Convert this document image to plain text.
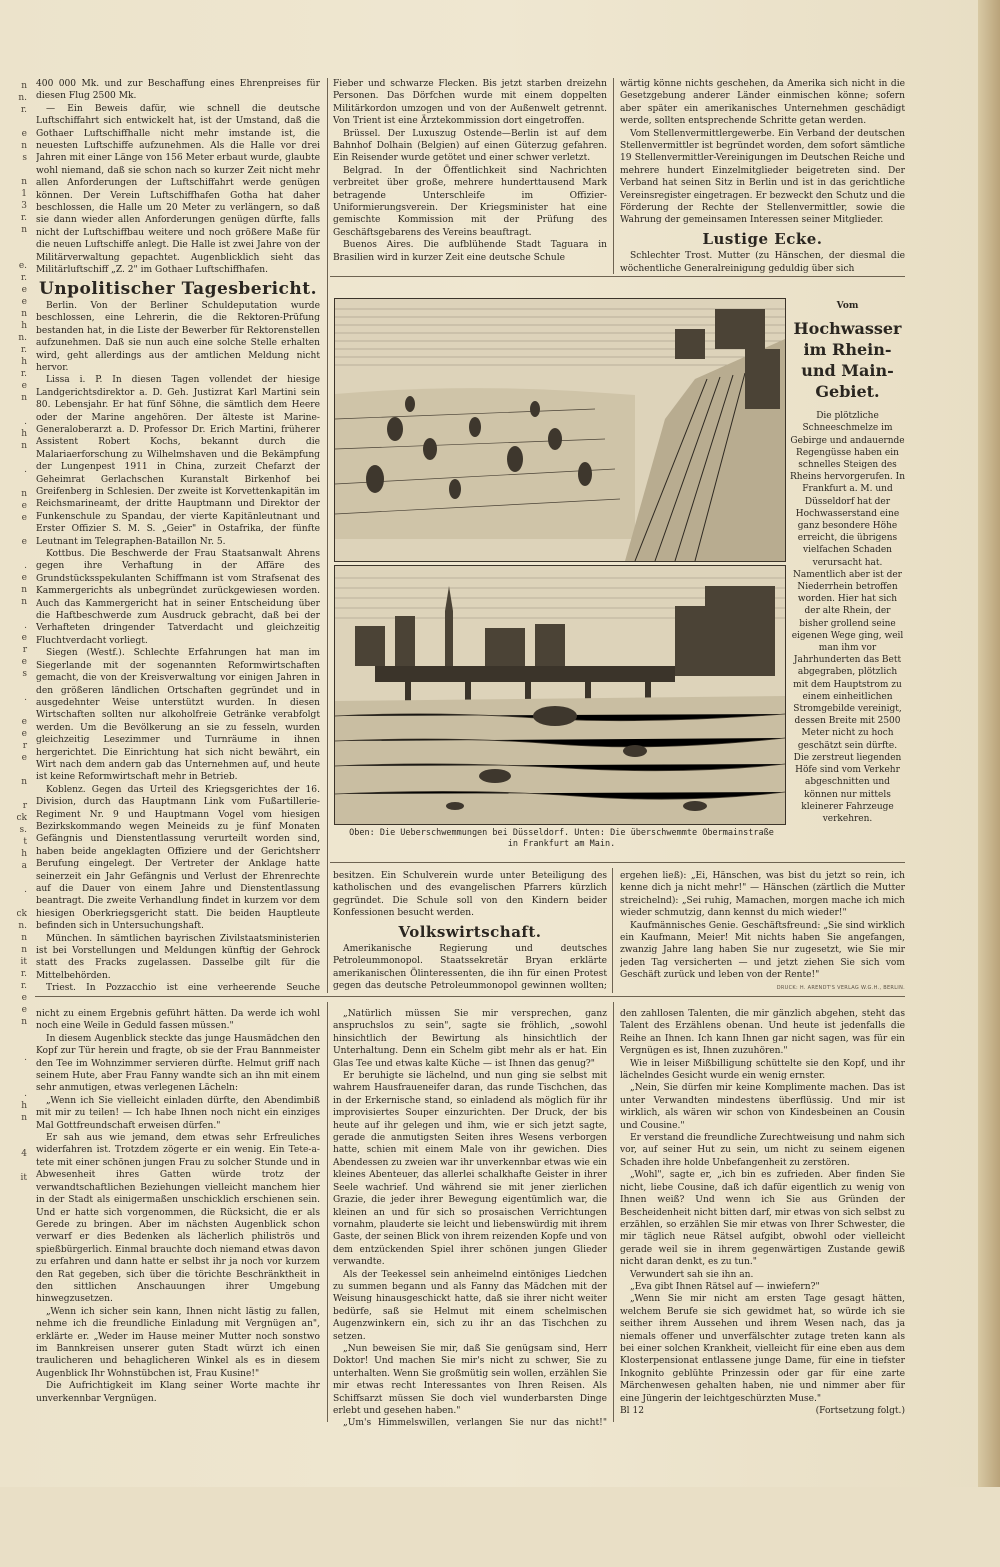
n
n.
r.

e
n
s

n
1
3
r.
n

e.
r.
e
e
n
h
n.
r.
h
r.
e
n

.
h
n

.

n
e
e

e

.
e
n
n

.
e
r
e
s

.

e
e
r
e

n

r
ck
s.
t
h
a

.

ck
n.
n
n
it
r.
r.
e
e
n

.

.
h
n

4

it

400 000 Mk. und zur Beschaffung eines Ehrenpreises für diesen Flug 2500 Mk.

— Ein Beweis dafür, wie schnell die deutsche Luftschiffahrt sich entwickelt hat, ist der Umstand, daß die Gothaer Luftschiffhalle nicht mehr imstande ist, die neuesten Luftschiffe aufzunehmen. Als die Halle vor drei Jahren mit einer Länge von 156 Meter erbaut wurde, glaubte wohl niemand, daß sie schon nach so kurzer Zeit nicht mehr allen Anforderungen der Luftschiffahrt werde genügen können. Der Verein Luftschiffhafen Gotha hat daher beschlossen, die Halle um 20 Meter zu verlängern, so daß sie dann wieder allen Anforderungen genügen dürfte, falls nicht der Luftschiffbau weitere und noch größere Maße für die neuen Luftschiffe anlegt. Die Halle ist zwei Jahre von der Militärverwaltung gepachtet. Augenblicklich sieht das Militärluftschiff „Z. 2" im Gothaer Luftschiffhafen.

Unpolitischer Tagesbericht.

Berlin. Von der Berliner Schuldeputation wurde beschlossen, eine Lehrerin, die die Rektoren-Prüfung bestanden hat, in die Liste der Bewerber für Rektorenstellen aufzunehmen. Daß sie nun auch eine solche Stelle erhalten wird, geht allerdings aus der amtlichen Meldung nicht hervor.

Lissa i. P. In diesen Tagen vollendet der hiesige Landgerichtsdirektor a. D. Geh. Justizrat Karl Martini sein 80. Lebensjahr. Er hat fünf Söhne, die sämtlich dem Heere oder der Marine angehören. Der älteste ist Marine-Generaloberarzt a. D. Professor Dr. Erich Martini, früherer Assistent Robert Kochs, bekannt durch die Malariaerforschung zu Wilhelmshaven und die Bekämpfung der Lungenpest 1911 in China, zurzeit Chefarzt der Geheimrat Gerlachschen Kuranstalt Birkenhof bei Greifenberg in Schlesien. Der zweite ist Korvettenkapitän im Reichsmarineamt, der dritte Hauptmann und Direktor der Funkenschule zu Spandau, der vierte Kapitänleutnant und Erster Offizier S. M. S. „Geier" in Ostafrika, der fünfte Leutnant im Telegraphen-Bataillon Nr. 5.

Kottbus. Die Beschwerde der Frau Staatsanwalt Ahrens gegen ihre Verhaftung in der Affäre des Grundstücksspekulanten Schiffmann ist vom Strafsenat des Kammergerichts als unbegründet zurückgewiesen worden. Auch das Kammergericht hat in seiner Entscheidung über die Haftbeschwerde zum Ausdruck gebracht, daß bei der Verhafteten dringender Tatverdacht und gleichzeitig Fluchtverdacht vorliegt.

Siegen (Westf.). Schlechte Erfahrungen hat man im Siegerlande mit der sogenannten Reformwirtschaften gemacht, die von der Kreisverwaltung vor einigen Jahren in den größeren ländlichen Ortschaften gegründet und in ausgedehnter Weise unterstützt wurden. In diesen Wirtschaften sollten nur alkoholfreie Getränke verabfolgt werden. Um die Bevölkerung an sie zu fesseln, wurden gleichzeitig Lesezimmer und Turnräume in ihnen hergerichtet. Die Einrichtung hat sich nicht bewährt, ein Wirt nach dem andern gab das Unternehmen auf, und heute ist keine Reformwirtschaft mehr in Betrieb.

Koblenz. Gegen das Urteil des Kriegsgerichtes der 16. Division, durch das Hauptmann Link vom Fußartillerie-Regiment Nr. 9 und Hauptmann Vogel vom hiesigen Bezirkskommando wegen Meineids zu je fünf Monaten Gefängnis und Dienstentlassung verurteilt worden sind, haben beide angeklagten Offiziere und der Gerichtsherr Berufung eingelegt. Der Vertreter der Anklage hatte seinerzeit ein Jahr Gefängnis und Verlust der Ehrenrechte auf die Dauer von einem Jahre und Dienstentlassung beantragt. Die zweite Verhandlung findet in kurzem vor dem hiesigen Oberkriegsgericht statt. Die beiden Hauptleute befinden sich in Untersuchungshaft.

München. In sämtlichen bayrischen Zivilstaatsministerien ist bei Vorstellungen und Meldungen künftig der Gehrock statt des Fracks zugelassen. Dasselbe gilt für die Mittelbehörden.

Triest. In Pozzacchio ist eine verheerende Seuche

Fieber und schwarze Flecken. Bis jetzt starben dreizehn Personen. Das Dörfchen wurde mit einem doppelten Militärkordon umzogen und von der Außenwelt getrennt. Von Trient ist eine Ärztekommission dort eingetroffen.

Brüssel. Der Luxuszug Ostende—Berlin ist auf dem Bahnhof Dolhain (Belgien) auf einen Güterzug gefahren. Ein Reisender wurde getötet und einer schwer verletzt.

Belgrad. In der Öffentlichkeit sind Nachrichten verbreitet über große, mehrere hunderttausend Mark betragende Unterschleife im Offizier-Uniformierungsverein. Der Kriegsminister hat eine gemischte Kommission mit der Prüfung des Geschäftsgebarens des Vereins beauftragt.

Buenos Aires. Die aufblühende Stadt Taguara in Brasilien wird in kurzer Zeit eine deutsche Schule

wärtig könne nichts geschehen, da Amerika sich nicht in die Gesetzgebung anderer Länder einmischen könne; sofern aber später ein amerikanisches Unternehmen geschädigt werde, sollten entsprechende Schritte getan werden.

Vom Stellenvermittlergewerbe. Ein Verband der deutschen Stellenvermittler ist begründet worden, dem sofort sämtliche 19 Stellenvermittler-Vereinigungen im Deutschen Reiche und mehrere hundert Einzelmitglieder beigetreten sind. Der Verband hat seinen Sitz in Berlin und ist in das gerichtliche Vereinsregister eingetragen. Er bezweckt den Schutz und die Förderung der Rechte der Stellenvermittler, sowie die Wahrung der gemeinsamen Interessen seiner Mitglieder.

Lustige Ecke.

Schlechter Trost. Mutter (zu Hänschen, der diesmal die wöchentliche Generalreinigung geduldig über sich

Oben: Die Ueberschwemmungen bei Düsseldorf. Unten: Die überschwemmte Obermainstraße
in Frankfurt am Main.
Vom
Hochwasser im Rhein- und Main-Gebiet.
Die plötzliche Schneeschmelze im Gebirge und andauernde Regengüsse haben ein schnelles Steigen des Rheins hervorgerufen. In Frankfurt a. M. und Düsseldorf hat der Hochwasserstand eine ganz besondere Höhe erreicht, die übrigens vielfachen Schaden verursacht hat. Namentlich aber ist der Niederrhein betroffen worden. Hier hat sich der alte Rhein, der bisher grollend seine eigenen Wege ging, weil man ihm vor Jahrhunderten das Bett abgegraben, plötzlich mit dem Hauptstrom zu einem einheitlichen Stromgebilde vereinigt, dessen Breite mit 2500 Meter nicht zu hoch geschätzt sein dürfte. Die zerstreut liegenden Höfe sind vom Verkehr abgeschnitten und können nur mittels kleinerer Fahrzeuge verkehren.

besitzen. Ein Schulverein wurde unter Beteiligung des katholischen und des evangelischen Pfarrers kürzlich gegründet. Die Schule soll von den Kindern beider Konfessionen besucht werden.

Volkswirtschaft.

Amerikanische Regierung und deutsches Petroleummonopol. Staatssekretär Bryan erklärte amerikanischen Ölinteressenten, die ihn für einen Protest gegen das deutsche Petroleummonopol gewinnen wollten;

ergehen ließ): „Ei, Hänschen, was bist du jetzt so rein, ich kenne dich ja nicht mehr!" — Hänschen (zärtlich die Mutter streichelnd): „Sei ruhig, Mamachen, morgen mache ich mich wieder schmutzig, dann kennst du mich wieder!"

Kaufmännisches Genie. Geschäftsfreund: „Sie sind wirklich ein Kaufmann, Meier! Mit nichts haben Sie angefangen, zwanzig Jahre lang haben Sie nur zugesetzt, wie Sie mir jeden Tag versicherten — und jetzt ziehen Sie sich vom Geschäft zurück und leben von der Rente!"

DRUCK: H. ARENDT'S VERLAG W.G.H., BERLIN.

nicht zu einem Ergebnis geführt hätten. Da werde ich wohl noch eine Weile in Geduld fassen müssen."

In diesem Augenblick steckte das junge Hausmädchen den Kopf zur Tür herein und fragte, ob sie der Frau Bannmeister den Tee im Wohnzimmer servieren dürfte. Helmut griff nach seinem Hute, aber Frau Fanny wandte sich an ihn mit einem sehr anmutigen, etwas verlegenen Lächeln:

„Wenn ich Sie vielleicht einladen dürfte, den Abendimbiß mit mir zu teilen! — Ich habe Ihnen noch nicht ein einziges Mal Gottfreundschaft erweisen dürfen."

Er sah aus wie jemand, dem etwas sehr Erfreuliches widerfahren ist. Trotzdem zögerte er ein wenig. Ein Tete-a-tete mit einer schönen jungen Frau zu solcher Stunde und in Abwesenheit ihres Gatten würde trotz der verwandtschaftlichen Beziehungen vielleicht manchem hier in der Stadt als einigermaßen unschicklich erschienen sein. Und er hatte sich vorgenommen, die Rücksicht, die er als Gerede zu bringen. Aber im nächsten Augenblick schon verwarf er dies Bedenken als lächerlich philiströs und spießbürgerlich. Einmal brauchte doch niemand etwas davon zu erfahren und dann hatte er selbst ihr ja noch vor kurzem den Rat gegeben, sich über die törichte Beschränktheit in den sittlichen Anschauungen ihrer Umgebung hinwegzusetzen.

„Wenn ich sicher sein kann, Ihnen nicht lästig zu fallen, nehme ich die freundliche Einladung mit Vergnügen an", erklärte er. „Weder im Hause meiner Mutter noch sonstwo im Bannkreisen unserer guten Stadt würzt ich einen traulicheren und behaglicheren Winkel als es in diesem Augenblick Ihr Wohnstübchen ist, Frau Kusine!"

Die Aufrichtigkeit im Klang seiner Worte machte ihr unverkennbar Vergnügen.

„Natürlich müssen Sie mir versprechen, ganz anspruchslos zu sein", sagte sie fröhlich, „sowohl hinsichtlich der Bewirtung als hinsichtlich der Unterhaltung. Denn ein Schelm gibt mehr als er hat. Ein Glas Tee und etwas kalte Küche — ist Ihnen das genug?"

Er beruhigte sie lächelnd, und nun ging sie selbst mit wahrem Hausfraueneifer daran, das runde Tischchen, das in der Erkernische stand, so einladend als möglich für ihr improvisiertes Souper einzurichten. Der Druck, der bis heute auf ihr gelegen und ihm, wie er sich jetzt sagte, gerade die anmutigsten Seiten ihres Wesens verborgen hatte, schien mit einem Male von ihr gewichen. Dies Abendessen zu zweien war ihr unverkennbar etwas wie ein kleines Abenteuer, das allerlei schalkhafte Geister in ihrer Seele wachrief. Und während sie mit jener zierlichen Grazie, die jeder ihrer Bewegung eigentümlich war, die kleinen an und für sich so prosaischen Verrichtungen vornahm, plauderte sie leicht und liebenswürdig mit ihrem Gaste, der seinen Blick von ihrem reizenden Kopfe und von dem entzückenden Spiel ihrer schönen jungen Glieder verwandte.

Als der Teekessel sein anheimelnd eintöniges Liedchen zu summen begann und als Fanny das Mädchen mit der Weisung hinausgeschickt hatte, daß sie ihrer nicht weiter bedürfe, saß sie Helmut mit einem schelmischen Augenzwinkern ein, sich zu ihr an das Tischchen zu setzen.

„Nun beweisen Sie mir, daß Sie genügsam sind, Herr Doktor! Und machen Sie mir's nicht zu schwer, Sie zu unterhalten. Wenn Sie großmütig sein wollen, erzählen Sie mir etwas recht Interessantes von Ihren Reisen. Als Schiffsarzt müssen Sie doch viel wunderbarsten Dinge erlebt und gesehen haben."

„Um's Himmelswillen, verlangen Sie nur das nicht!"

den zahllosen Talenten, die mir gänzlich abgehen, steht das Talent des Erzählens obenan. Und heute ist jedenfalls die Reihe an Ihnen. Ich kann Ihnen gar nicht sagen, was für ein Vergnügen es ist, Ihnen zuzuhören."

Wie in leiser Mißbilligung schüttelte sie den Kopf, und ihr lächelndes Gesicht wurde ein wenig ernster.

„Nein, Sie dürfen mir keine Komplimente machen. Das ist unter Verwandten mindestens überflüssig. Und mir ist wirklich, als wären wir schon von Kindesbeinen an Cousin und Cousine."

Er verstand die freundliche Zurechtweisung und nahm sich vor, auf seiner Hut zu sein, um nicht zu seinem eigenen Schaden ihre holde Unbefangenheit zu zerstören.

„Wohl", sagte er, „ich bin es zufrieden. Aber finden Sie nicht, liebe Cousine, daß ich dafür eigentlich zu wenig von Ihnen weiß? Und wenn ich Sie aus Gründen der Bescheidenheit nicht bitten darf, mir etwas von sich selbst zu erzählen, so erzählen Sie mir etwas von Ihrer Schwester, die mir täglich neue Rätsel aufgibt, obwohl oder vielleicht gerade weil sie in ihrem gegenwärtigen Zustande gewiß nicht daran denkt, es zu tun."

Verwundert sah sie ihn an.

„Eva gibt Ihnen Rätsel auf — inwiefern?"

„Wenn Sie mir nicht am ersten Tage gesagt hätten, welchem Berufe sie sich gewidmet hat, so würde ich sie seither ihrem Aussehen und ihrem Wesen nach, das ja niemals offener und unverfälschter zutage treten kann als bei einer solchen Krankheit, vielleicht für eine eben aus dem Klosterpensionat entlassene junge Dame, für eine in tiefster Inkognito geblühte Prinzessin oder gar für eine zarte Märchenwesen gehalten haben, nie und nimmer aber für eine Jüngerin der leichtgeschürzten Muse."

Bl 12	(Fortsetzung folgt.)
